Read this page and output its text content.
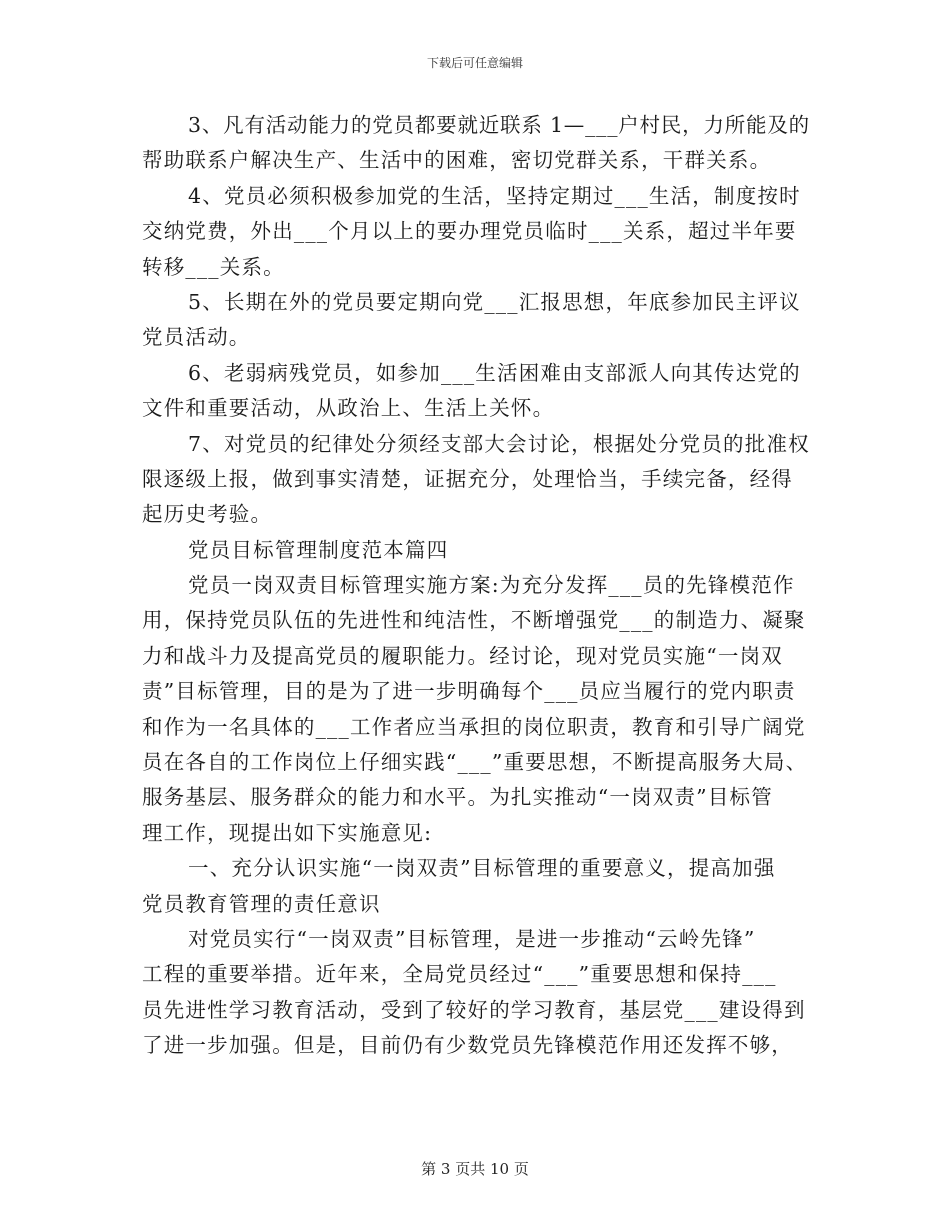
下载后可任意编辑
3、凡有活动能力的党员都要就近联系 1—___户村民，力所能及的
帮助联系户解决生产、生活中的困难，密切党群关系，干群关系。
4、党员必须积极参加党的生活，坚持定期过___生活，制度按时
交纳党费，外出___个月以上的要办理党员临时___关系，超过半年要
转移___关系。
5、长期在外的党员要定期向党___汇报思想，年底参加民主评议
党员活动。
6、老弱病残党员，如参加___生活困难由支部派人向其传达党的
文件和重要活动，从政治上、生活上关怀。
7、对党员的纪律处分须经支部大会讨论，根据处分党员的批准权
限逐级上报，做到事实清楚，证据充分，处理恰当，手续完备，经得
起历史考验。
党员目标管理制度范本篇四
党员一岗双责目标管理实施方案:为充分发挥___员的先锋模范作
用，保持党员队伍的先进性和纯洁性，不断增强党___的制造力、凝聚
力和战斗力及提高党员的履职能力。经讨论，现对党员实施“一岗双
责”目标管理，目的是为了进一步明确每个___员应当履行的党内职责
和作为一名具体的___工作者应当承担的岗位职责，教育和引导广阔党
员在各自的工作岗位上仔细实践“___”重要思想，不断提高服务大局、
服务基层、服务群众的能力和水平。为扎实推动“一岗双责”目标管
理工作，现提出如下实施意见:
一、充分认识实施“一岗双责”目标管理的重要意义，提高加强
党员教育管理的责任意识
对党员实行“一岗双责”目标管理，是进一步推动“云岭先锋”
工程的重要举措。近年来，全局党员经过“___”重要思想和保持___
员先进性学习教育活动，受到了较好的学习教育，基层党___建设得到
了进一步加强。但是，目前仍有少数党员先锋模范作用还发挥不够，
第 3 页共 10 页
